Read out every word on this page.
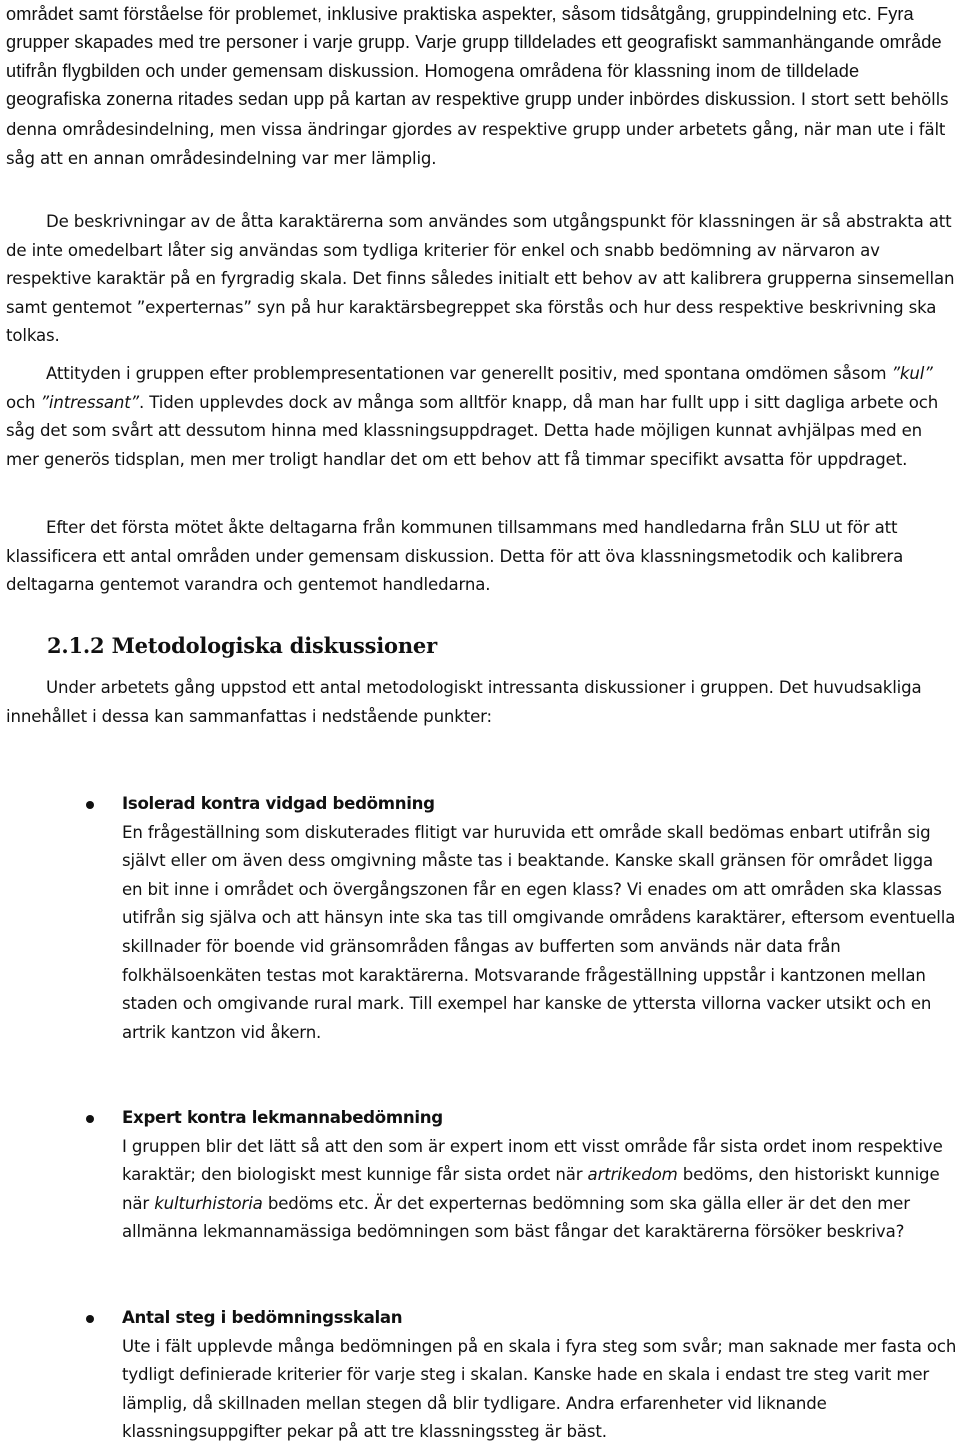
området samt förståelse för problemet, inklusive praktiska aspekter, såsom tidsåtgång, gruppindelning etc. Fyra grupper skapades med tre personer i varje grupp. Varje grupp tilldelades ett geografiskt sammanhängande område utifrån flygbilden och under gemensam diskussion. Homogena områdena för klassning inom de tilldelade geografiska zonerna ritades sedan upp på kartan av respektive grupp under inbördes diskussion. I stort sett behölls denna områdesindelning, men vissa ändringar gjordes av respektive grupp under arbetets gång, när man ute i fält såg att en annan områdesindelning var mer lämplig.

De beskrivningar av de åtta karaktärerna som användes som utgångspunkt för klassningen är så abstrakta att de inte omedelbart låter sig användas som tydliga kriterier för enkel och snabb bedömning av närvaron av respektive karaktär på en fyrgradig skala. Det finns således initialt ett behov av att kalibrera grupperna sinsemellan samt gentemot ”experternas” syn på hur karaktärsbegreppet ska förstås och hur dess respektive beskrivning ska tolkas.

Attityden i gruppen efter problempresentationen var generellt positiv, med spontana omdömen såsom ”kul” och ”intressant”. Tiden upplevdes dock av många som alltför knapp, då man har fullt upp i sitt dagliga arbete och såg det som svårt att dessutom hinna med klassningsuppdraget. Detta hade möjligen kunnat avhjälpas med en mer generös tidsplan, men mer troligt handlar det om ett behov att få timmar specifikt avsatta för uppdraget.

Efter det första mötet åkte deltagarna från kommunen tillsammans med handledarna från SLU ut för att klassificera ett antal områden under gemensam diskussion. Detta för att öva klassningsmetodik och kalibrera deltagarna gentemot varandra och gentemot handledarna.

2.1.2 Metodologiska diskussioner

Under arbetets gång uppstod ett antal metodologiskt intressanta diskussioner i gruppen. Det huvudsakliga innehållet i dessa kan sammanfattas i nedstående punkter:

Isolerad kontra vidgad bedömning

En frågeställning som diskuterades flitigt var huruvida ett område skall bedömas enbart utifrån sig självt eller om även dess omgivning måste tas i beaktande. Kanske skall gränsen för området ligga en bit inne i området och övergångszonen får en egen klass? Vi enades om att områden ska klassas utifrån sig själva och att hänsyn inte ska tas till omgivande områdens karaktärer, eftersom eventuella skillnader för boende vid gränsområden fångas av bufferten som används när data från folkhälsoenkäten testas mot karaktärerna. Motsvarande frågeställning uppstår i kantzonen mellan staden och omgivande rural mark. Till exempel har kanske de yttersta villorna vacker utsikt och en artrik kantzon vid åkern.

Expert kontra lekmannabedömning

I gruppen blir det lätt så att den som är expert inom ett visst område får sista ordet inom respektive karaktär; den biologiskt mest kunnige får sista ordet när artrikedom bedöms, den historiskt kunnige när kulturhistoria bedöms etc. Är det experternas bedömning som ska gälla eller är det den mer allmänna lekmannamässiga bedömningen som bäst fångar det karaktärerna försöker beskriva?

Antal steg i bedömningsskalan

Ute i fält upplevde många bedömningen på en skala i fyra steg som svår; man saknade mer fasta och tydligt definierade kriterier för varje steg i skalan. Kanske hade en skala i endast tre steg varit mer lämplig, då skillnaden mellan stegen då blir tydligare. Andra erfarenheter vid liknande klassningsuppgifter pekar på att tre klassningssteg är bäst.
